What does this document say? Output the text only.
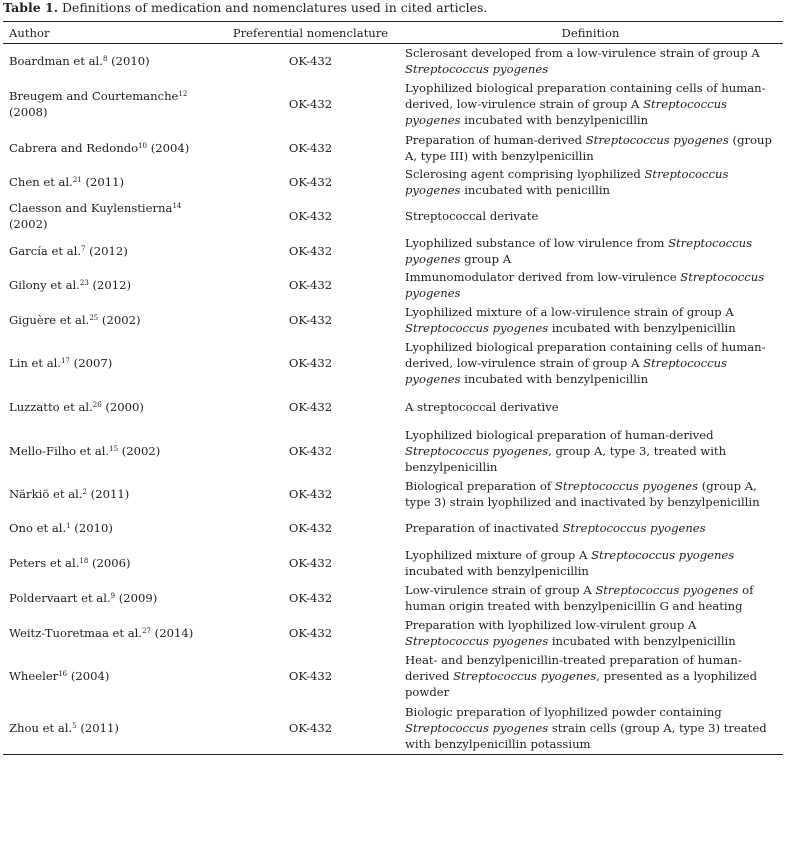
Table 1. Definitions of medication and nomenclatures used in cited articles.
Author	Preferential nomenclature	Definition
Boardman et al.$^8$ (2010)	OK-432	Sclerosant developed from a low-virulence strain of group A Streptococcus pyogenes
Breugem and Courtemanche$^{12}$ (2008)	OK-432	Lyophilized biological preparation containing cells of human-derived, low-virulence strain of group A Streptococcus pyogenes incubated with benzylpenicillin
Cabrera and Redondo$^{10}$ (2004)	OK-432	Preparation of human-derived Streptococcus pyogenes (group A, type III) with benzylpenicillin
Chen et al.$^{21}$ (2011)	OK-432	Sclerosing agent comprising lyophilized Streptococcus pyogenes incubated with penicillin
Claesson and Kuylenstierna$^{14}$ (2002)	OK-432	Streptococcal derivate
García et al.$^7$ (2012)	OK-432	Lyophilized substance of low virulence from Streptococcus pyogenes group A
Gilony et al.$^{23}$ (2012)	OK-432	Immunomodulator derived from low-virulence Streptococcus pyogenes
Giguère et al.$^{25}$ (2002)	OK-432	Lyophilized mixture of a low-virulence strain of group A Streptococcus pyogenes incubated with benzylpenicillin
Lin et al.$^{17}$ (2007)	OK-432	Lyophilized biological preparation containing cells of human-derived, low-virulence strain of group A Streptococcus pyogenes incubated with benzylpenicillin
Luzzatto et al.$^{26}$ (2000)	OK-432	A streptococcal derivative
Mello-Filho et al.$^{15}$ (2002)	OK-432	Lyophilized biological preparation of human-derived Streptococcus pyogenes, group A, type 3, treated with benzylpenicillin
Närkiö et al.$^2$ (2011)	OK-432	Biological preparation of Streptococcus pyogenes (group A, type 3) strain lyophilized and inactivated by benzylpenicillin
Ono et al.$^1$ (2010)	OK-432	Preparation of inactivated Streptococcus pyogenes
Peters et al.$^{18}$ (2006)	OK-432	Lyophilized mixture of group A Streptococcus pyogenes incubated with benzylpenicillin
Poldervaart et al.$^9$ (2009)	OK-432	Low-virulence strain of group A Streptococcus pyogenes of human origin treated with benzylpenicillin G and heating
Weitz-Tuoretmaa et al.$^{27}$ (2014)	OK-432	Preparation with lyophilized low-virulent group A Streptococcus pyogenes incubated with benzylpenicillin
Wheeler$^{16}$ (2004)	OK-432	Heat- and benzylpenicillin-treated preparation of human-derived Streptococcus pyogenes, presented as a lyophilized powder
Zhou et al.$^5$ (2011)	OK-432	Biologic preparation of lyophilized powder containing Streptococcus pyogenes strain cells (group A, type 3) treated with benzylpenicillin potassium
